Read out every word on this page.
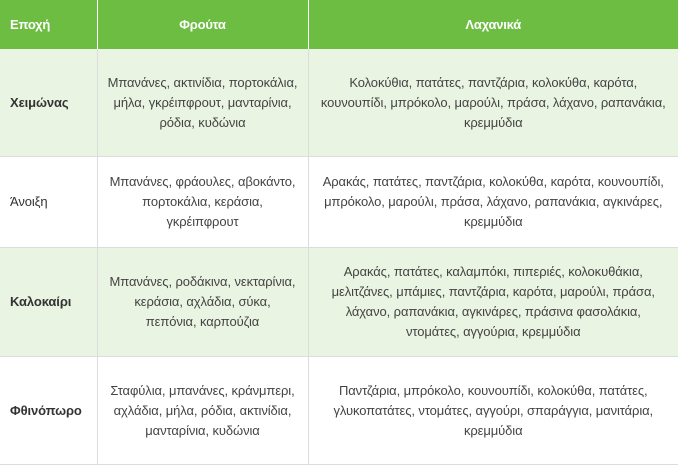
Εποχή	Φρούτα	Λαχανικά
Χειμώνας	Μπανάνες, ακτινίδια, πορτοκάλια, μήλα, γκρέιπφρουτ, μανταρίνια, ρόδια, κυδώνια	Κολοκύθια, πατάτες, παντζάρια, κολοκύθα, καρότα, κουνουπίδι, μπρόκολο, μαρούλι, πράσα, λάχανο, ραπανάκια, κρεμμύδια
Άνοιξη	Μπανάνες, φράουλες, αβοκάντο, πορτοκάλια, κεράσια, γκρέιπφρουτ	Αρακάς, πατάτες, παντζάρια, κολοκύθα, καρότα, κουνουπίδι, μπρόκολο, μαρούλι, πράσα, λάχανο, ραπανάκια, αγκινάρες, κρεμμύδια
Καλοκαίρι	Μπανάνες, ροδάκινα, νεκταρίνια, κεράσια, αχλάδια, σύκα, πεπόνια, καρπούζια	Αρακάς, πατάτες, καλαμπόκι, πιπεριές, κολοκυθάκια, μελιτζάνες, μπάμιες, παντζάρια, καρότα, μαρούλι, πράσα, λάχανο, ραπανάκια, αγκινάρες, πράσινα φασολάκια, ντομάτες, αγγούρια, κρεμμύδια
Φθινόπωρο	Σταφύλια, μπανάνες, κράνμπερι, αχλάδια, μήλα, ρόδια, ακτινίδια, μανταρίνια, κυδώνια	Παντζάρια, μπρόκολο, κουνουπίδι, κολοκύθα, πατάτες, γλυκοπατάτες, ντομάτες, αγγούρι, σπαράγγια, μανιτάρια, κρεμμύδια
